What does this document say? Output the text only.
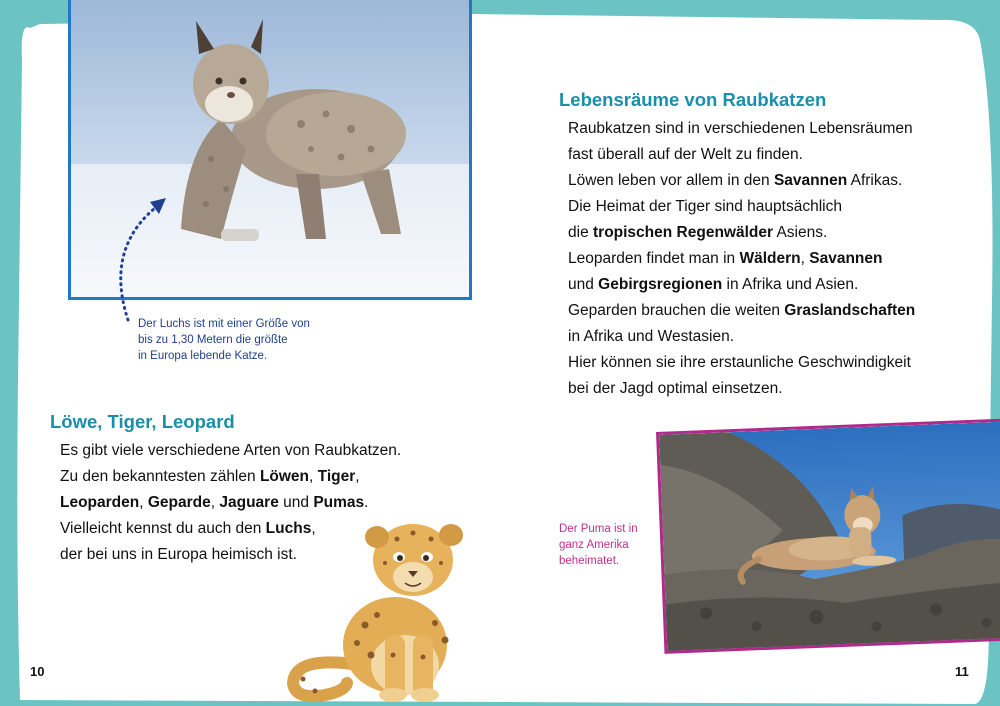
Der Luchs ist mit einer Größe von
bis zu 1,30 Metern die größte
in Europa lebende Katze.
Löwe, Tiger, Leopard
Es gibt viele verschiedene Arten von Raubkatzen.
Zu den bekanntesten zählen Löwen, Tiger,
Leoparden, Geparde, Jaguare und Pumas.
Vielleicht kennst du auch den Luchs,
der bei uns in Europa heimisch ist.
10
Lebensräume von Raubkatzen
Raubkatzen sind in verschiedenen Lebensräumen
fast überall auf der Welt zu finden.
Löwen leben vor allem in den Savannen Afrikas.
Die Heimat der Tiger sind hauptsächlich
die tropischen Regenwälder Asiens.
Leoparden findet man in Wäldern, Savannen
und Gebirgsregionen in Afrika und Asien.
Geparden brauchen die weiten Graslandschaften
in Afrika und Westasien.
Hier können sie ihre erstaunliche Geschwindigkeit
bei der Jagd optimal einsetzen.
Der Puma ist in
ganz Amerika
beheimatet.
11
